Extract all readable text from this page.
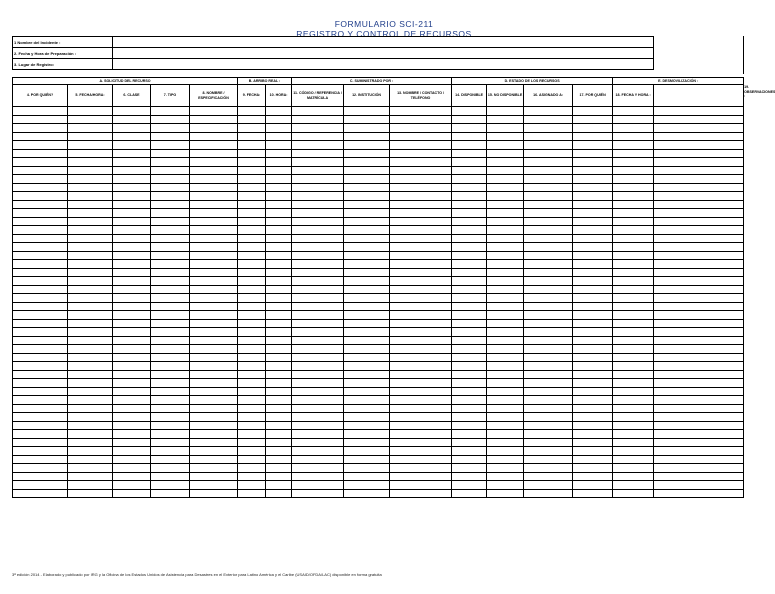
FORMULARIO SCI-211
REGISTRO Y CONTROL DE RECURSOS
1 Nombre del Incidente :	
2. Fecha y Hora de Preparación :	
3. Lugar de Registro:	
A. SOLICITUD DEL RECURSO					B. ARRIBO REAL :		C. SUMINISTRADO POR :			D. ESTADO DE LOS RECURSOS				E. DESMOVILIZACIÓN :		19. OBSERVACIONES :
4. POR QUIÉN?	5. FECHA/HORA:	6. CLASE	7. TIPO	8. NOMBRE / ESPECIFICACIÓN	9. FECHA:	10. HORA:	11. CÓDIGO / REFERENCIA / MATRÍCULA	12. INSTITUCIÓN	13. NOMBRE / CONTACTO / TELÉFONO	14. DISPONIBLE	15. NO DISPONIBLE	16. ASIGNADO A:	17. POR QUIÉN	18. FECHA Y HORA :		

3ª edición 2014 - Elaborado y publicado por IRG y la Oficina de los Estados Unidos de Asistencia para Desastres en el Exterior para Latino América y el Caribe (USAID/OFDA/LAC) disponible en forma gratuita
